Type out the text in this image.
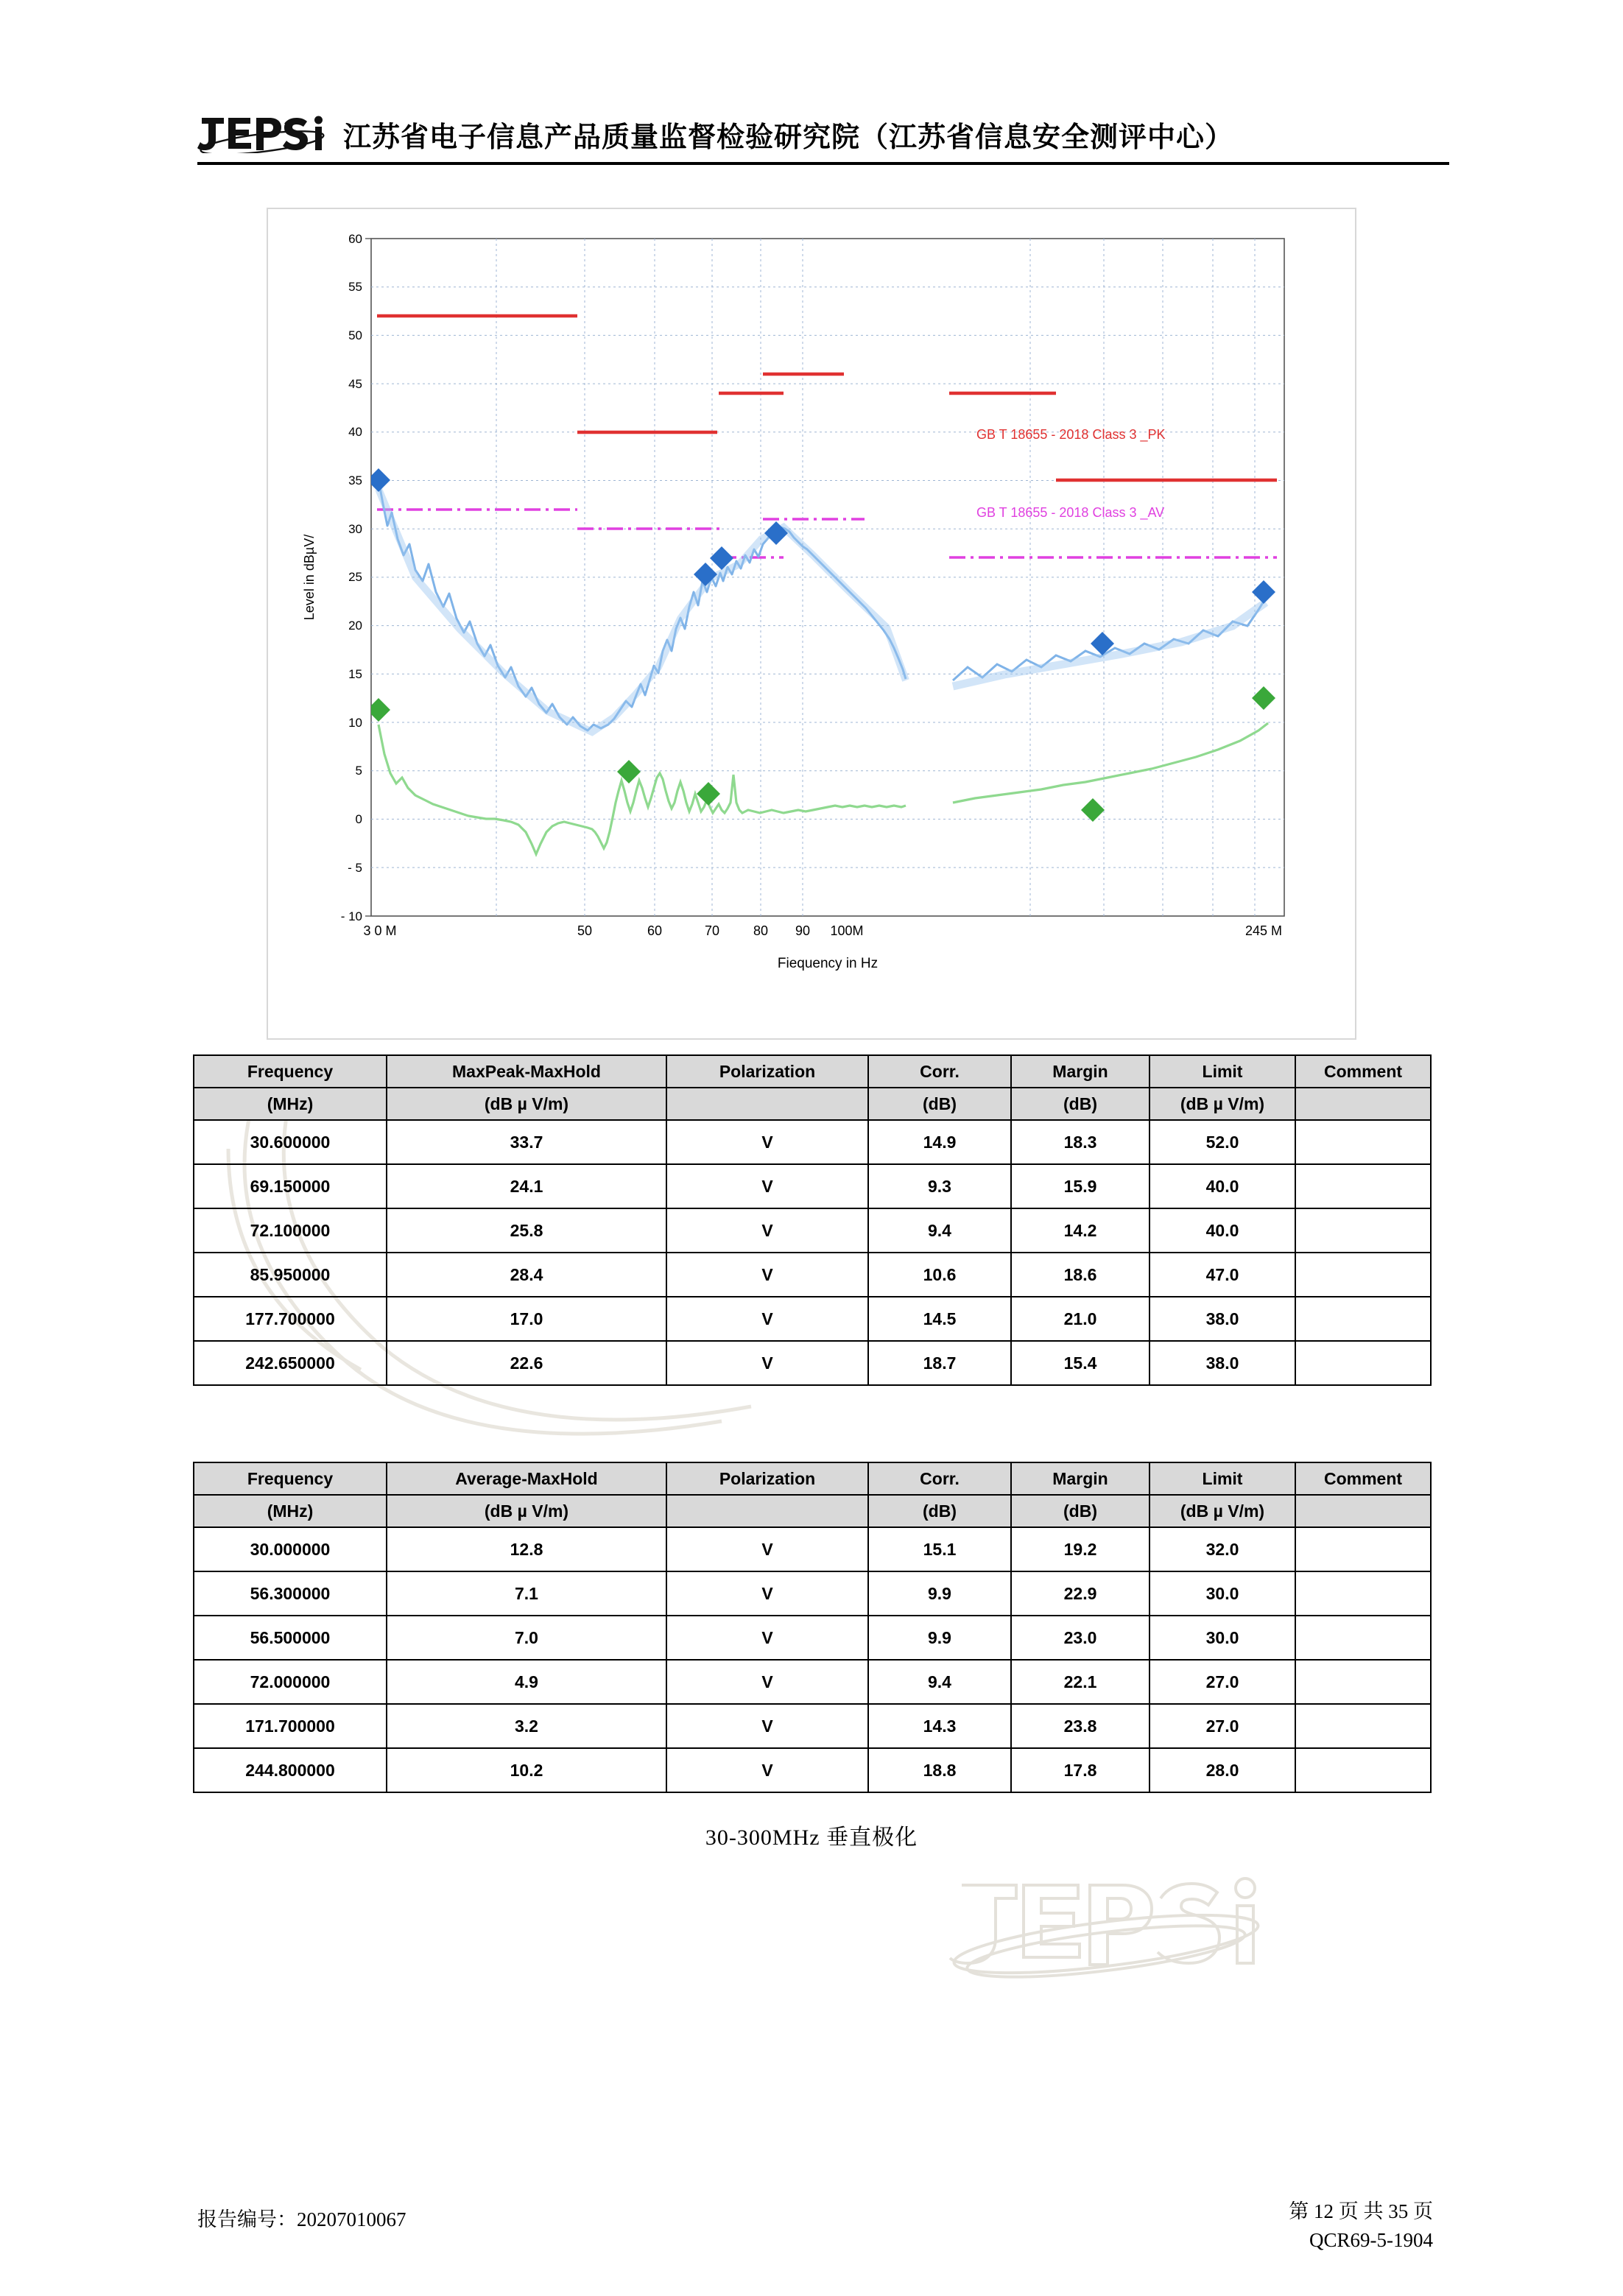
江苏省电子信息产品质量监督检验研究院（江苏省信息安全测评中心）
60
55
50
45
40
35
30
25
20
15
10
5
0
- 5
- 10
Level in dBµV/
3 0 M	50	60	70	80 90 100M	245 M
Fiequency in Hz
GB T 18655 - 2018 Class 3 _PK
GB T 18655 - 2018 Class 3 _AV
Frequency	MaxPeak-MaxHold	Polarization	Corr.	Margin	Limit	Comment
(MHz)	(dB µ V/m)		(dB)	(dB)	(dB µ V/m)	
30.600000	33.7	V	14.9	18.3	52.0	
69.150000	24.1	V	9.3	15.9	40.0	
72.100000	25.8	V	9.4	14.2	40.0	
85.950000	28.4	V	10.6	18.6	47.0	
177.700000	17.0	V	14.5	21.0	38.0	
242.650000	22.6	V	18.7	15.4	38.0	
Frequency	Average-MaxHold	Polarization	Corr.	Margin	Limit	Comment
(MHz)	(dB µ V/m)		(dB)	(dB)	(dB µ V/m)	
30.000000	12.8	V	15.1	19.2	32.0	
56.300000	7.1	V	9.9	22.9	30.0	
56.500000	7.0	V	9.9	23.0	30.0	
72.000000	4.9	V	9.4	22.1	27.0	
171.700000	3.2	V	14.3	23.8	27.0	
244.800000	10.2	V	18.8	17.8	28.0	
30-300MHz 垂直极化
报告编号：20207010067	第 12 页 共 35 页
QCR69-5-1904
